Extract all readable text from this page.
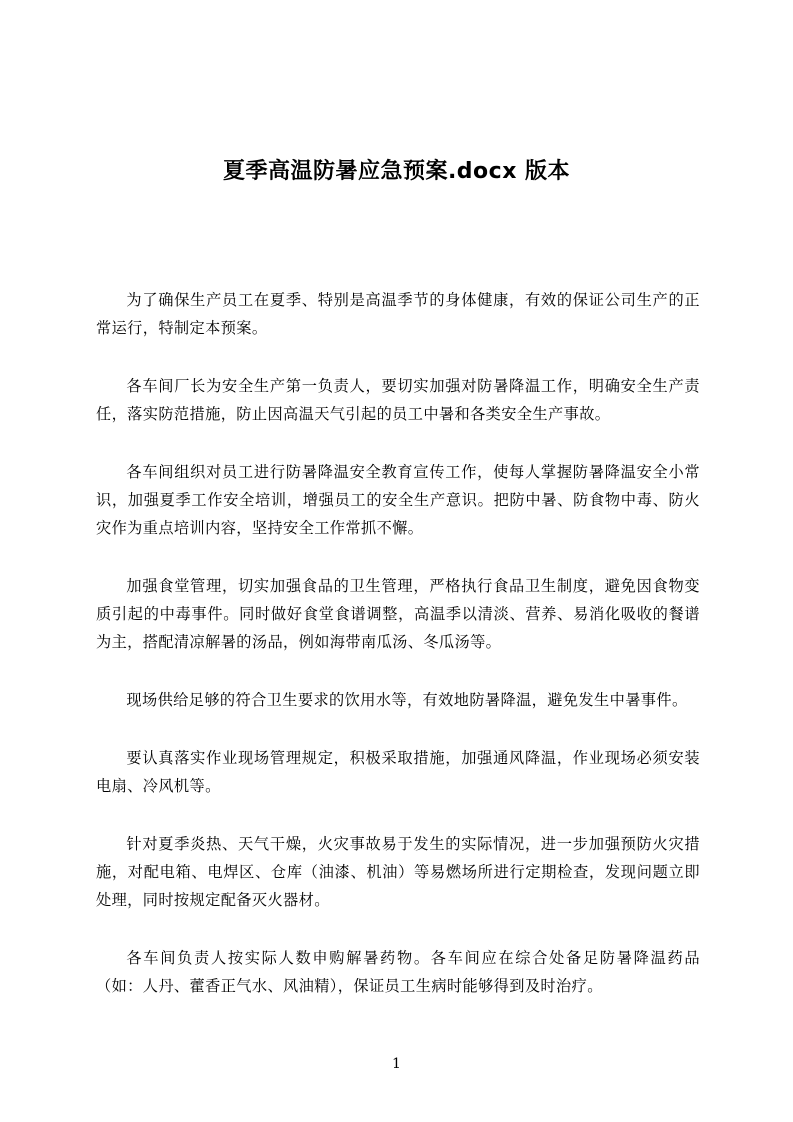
夏季高温防暑应急预案.docx 版本

为了确保生产员工在夏季、特别是高温季节的身体健康，有效的保证公司生产的正常运行，特制定本预案。

各车间厂长为安全生产第一负责人，要切实加强对防暑降温工作，明确安全生产责任，落实防范措施，防止因高温天气引起的员工中暑和各类安全生产事故。

各车间组织对员工进行防暑降温安全教育宣传工作，使每人掌握防暑降温安全小常识，加强夏季工作安全培训，增强员工的安全生产意识。把防中暑、防食物中毒、防火灾作为重点培训内容，坚持安全工作常抓不懈。

加强食堂管理，切实加强食品的卫生管理，严格执行食品卫生制度，避免因食物变质引起的中毒事件。同时做好食堂食谱调整，高温季以清淡、营养、易消化吸收的餐谱为主，搭配清凉解暑的汤品，例如海带南瓜汤、冬瓜汤等。

现场供给足够的符合卫生要求的饮用水等，有效地防暑降温，避免发生中暑事件。

要认真落实作业现场管理规定，积极采取措施，加强通风降温，作业现场必须安装电扇、冷风机等。

针对夏季炎热、天气干燥，火灾事故易于发生的实际情况，进一步加强预防火灾措施，对配电箱、电焊区、仓库（油漆、机油）等易燃场所进行定期检查，发现问题立即处理，同时按规定配备灭火器材。

各车间负责人按实际人数申购解暑药物。各车间应在综合处备足防暑降温药品（如：人丹、藿香正气水、风油精），保证员工生病时能够得到及时治疗。

1
